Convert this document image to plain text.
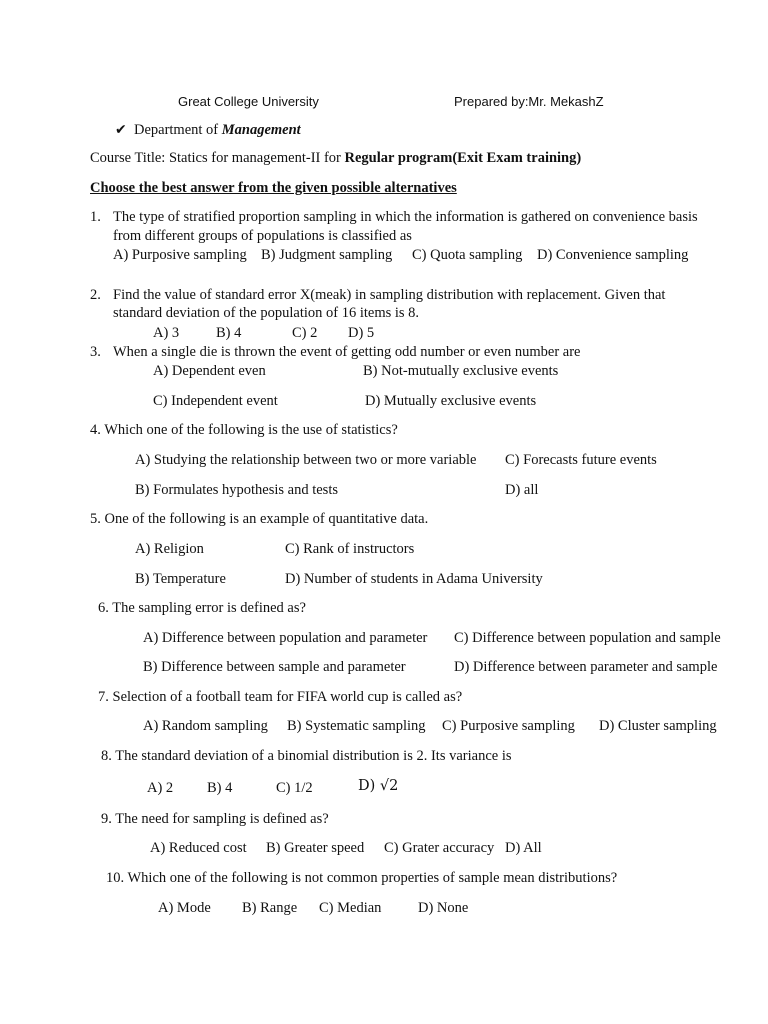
Great College University	Prepared by:Mr. MekashZ
✔ Department of Management
Course Title: Statics for management-II for Regular program(Exit Exam training)
Choose the best answer from the given possible alternatives
1. The type of stratified proportion sampling in which the information is gathered on convenience basis
from different groups of populations is classified as
A) Purposive sampling B) Judgment sampling C) Quota sampling D) Convenience sampling
2. Find the value of standard error X(meak) in sampling distribution with replacement. Given that
standard deviation of the population of 16 items is 8.
A) 3	B) 4	C) 2 D) 5
3. When a single die is thrown the event of getting odd number or even number are
A) Dependent even	B) Not-mutually exclusive events
C) Independent event	D) Mutually exclusive events
4. Which one of the following is the use of statistics?
A) Studying the relationship between two or more variable C) Forecasts future events
B) Formulates hypothesis and tests	D) all
5. One of the following is an example of quantitative data.
A) Religion	C) Rank of instructors
B) Temperature	D) Number of students in Adama University
6. The sampling error is defined as?
A) Difference between population and parameter C) Difference between population and sample
B) Difference between sample and parameter	D) Difference between parameter and sample
7. Selection of a football team for FIFA world cup is called as?
A) Random sampling B) Systematic sampling C) Purposive sampling D) Cluster sampling
8. The standard deviation of a binomial distribution is 2. Its variance is
A) 2 B) 4	C) 1/2	D) √2
9. The need for sampling is defined as?
A) Reduced cost B) Greater speed C) Grater accuracy D) All
10. Which one of the following is not common properties of sample mean distributions?
A) Mode B) Range C) Median	D) None
